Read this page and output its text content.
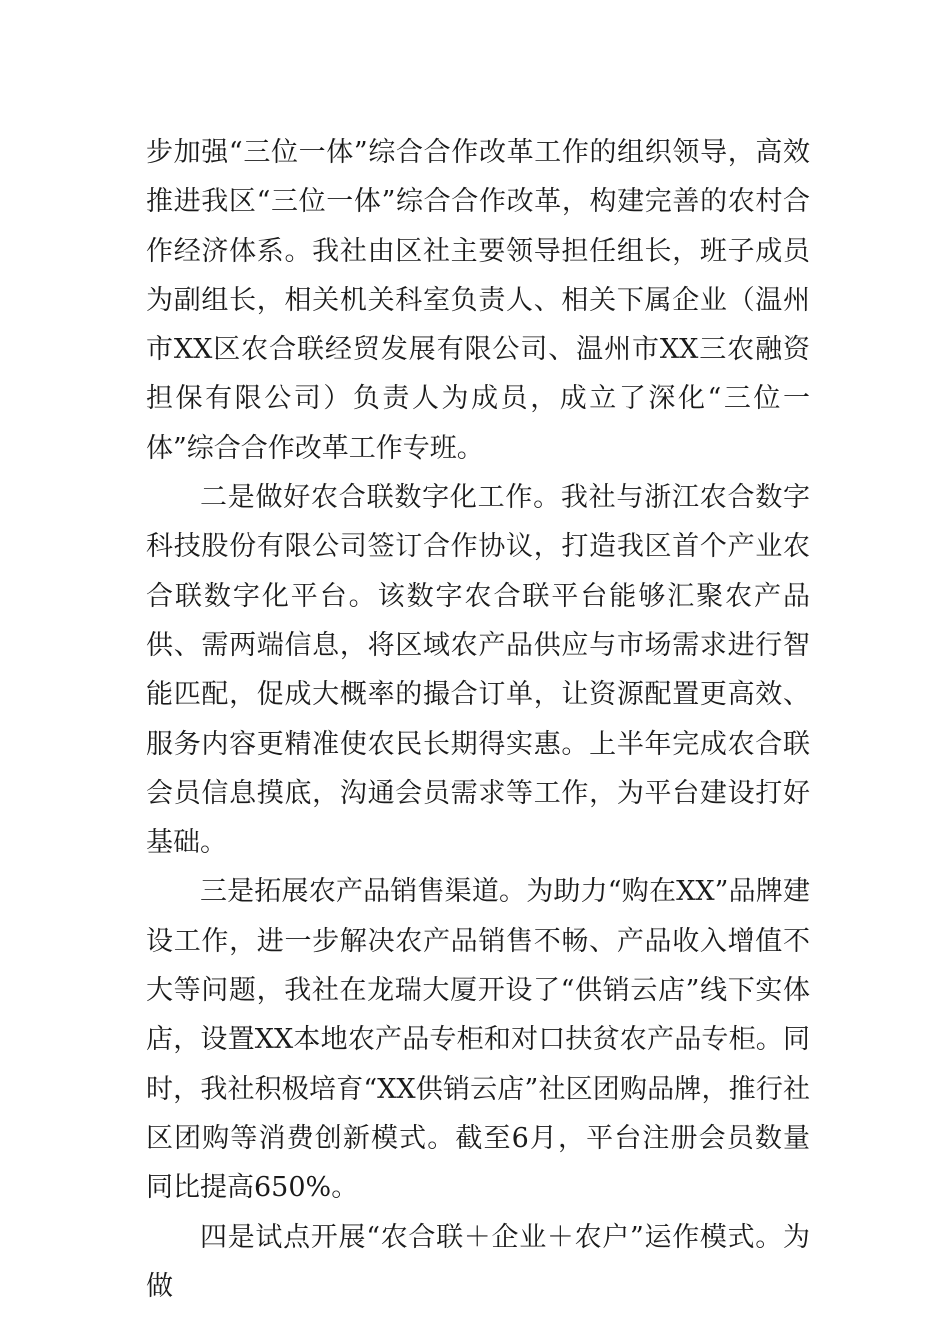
步加强“三位一体”综合合作改革工作的组织领导，高效推进我区“三位一体”综合合作改革，构建完善的农村合作经济体系。我社由区社主要领导担任组长，班子成员为副组长，相关机关科室负责人、相关下属企业（温州市XX区农合联经贸发展有限公司、温州市XX三农融资担保有限公司）负责人为成员，成立了深化“三位一体”综合合作改革工作专班。

二是做好农合联数字化工作。我社与浙江农合数字科技股份有限公司签订合作协议，打造我区首个产业农合联数字化平台。该数字农合联平台能够汇聚农产品供、需两端信息，将区域农产品供应与市场需求进行智能匹配，促成大概率的撮合订单，让资源配置更高效、服务内容更精准使农民长期得实惠。上半年完成农合联会员信息摸底，沟通会员需求等工作，为平台建设打好基础。

三是拓展农产品销售渠道。为助力“购在XX”品牌建设工作，进一步解决农产品销售不畅、产品收入增值不大等问题，我社在龙瑞大厦开设了“供销云店”线下实体店，设置XX本地农产品专柜和对口扶贫农产品专柜。同时，我社积极培育“XX供销云店”社区团购品牌，推行社区团购等消费创新模式。截至6月，平台注册会员数量同比提高650%。

四是试点开展“农合联＋企业＋农户”运作模式。为做
